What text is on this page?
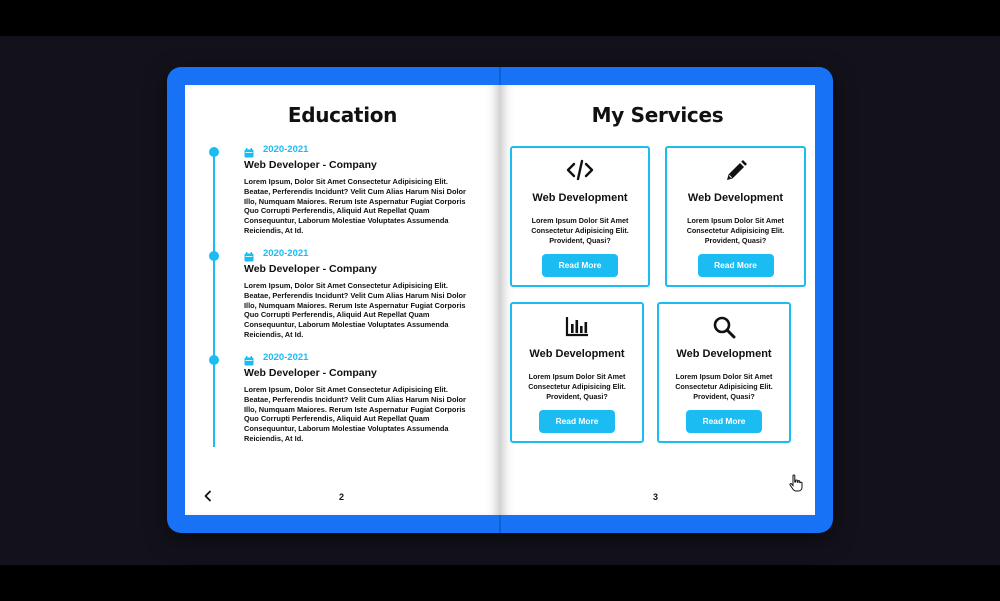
Education
2020-2021
Web Developer - Company
Lorem Ipsum, Dolor Sit Amet Consectetur Adipisicing Elit. Beatae, Perferendis Incidunt? Velit Cum Alias Harum Nisi Dolor Illo, Numquam Maiores. Rerum Iste Aspernatur Fugiat Corporis Quo Corrupti Perferendis, Aliquid Aut Repellat Quam Consequuntur, Laborum Molestiae Voluptates Assumenda Reiciendis, At Id.
2020-2021
Web Developer - Company
Lorem Ipsum, Dolor Sit Amet Consectetur Adipisicing Elit. Beatae, Perferendis Incidunt? Velit Cum Alias Harum Nisi Dolor Illo, Numquam Maiores. Rerum Iste Aspernatur Fugiat Corporis Quo Corrupti Perferendis, Aliquid Aut Repellat Quam Consequuntur, Laborum Molestiae Voluptates Assumenda Reiciendis, At Id.
2020-2021
Web Developer - Company
Lorem Ipsum, Dolor Sit Amet Consectetur Adipisicing Elit. Beatae, Perferendis Incidunt? Velit Cum Alias Harum Nisi Dolor Illo, Numquam Maiores. Rerum Iste Aspernatur Fugiat Corporis Quo Corrupti Perferendis, Aliquid Aut Repellat Quam Consequuntur, Laborum Molestiae Voluptates Assumenda Reiciendis, At Id.
2
My Services
Web Development
Lorem Ipsum Dolor Sit Amet Consectetur Adipisicing Elit. Provident, Quasi?
Read More
Web Development
Lorem Ipsum Dolor Sit Amet Consectetur Adipisicing Elit. Provident, Quasi?
Read More
Web Development
Lorem Ipsum Dolor Sit Amet Consectetur Adipisicing Elit. Provident, Quasi?
Read More
Web Development
Lorem Ipsum Dolor Sit Amet Consectetur Adipisicing Elit. Provident, Quasi?
Read More
3
